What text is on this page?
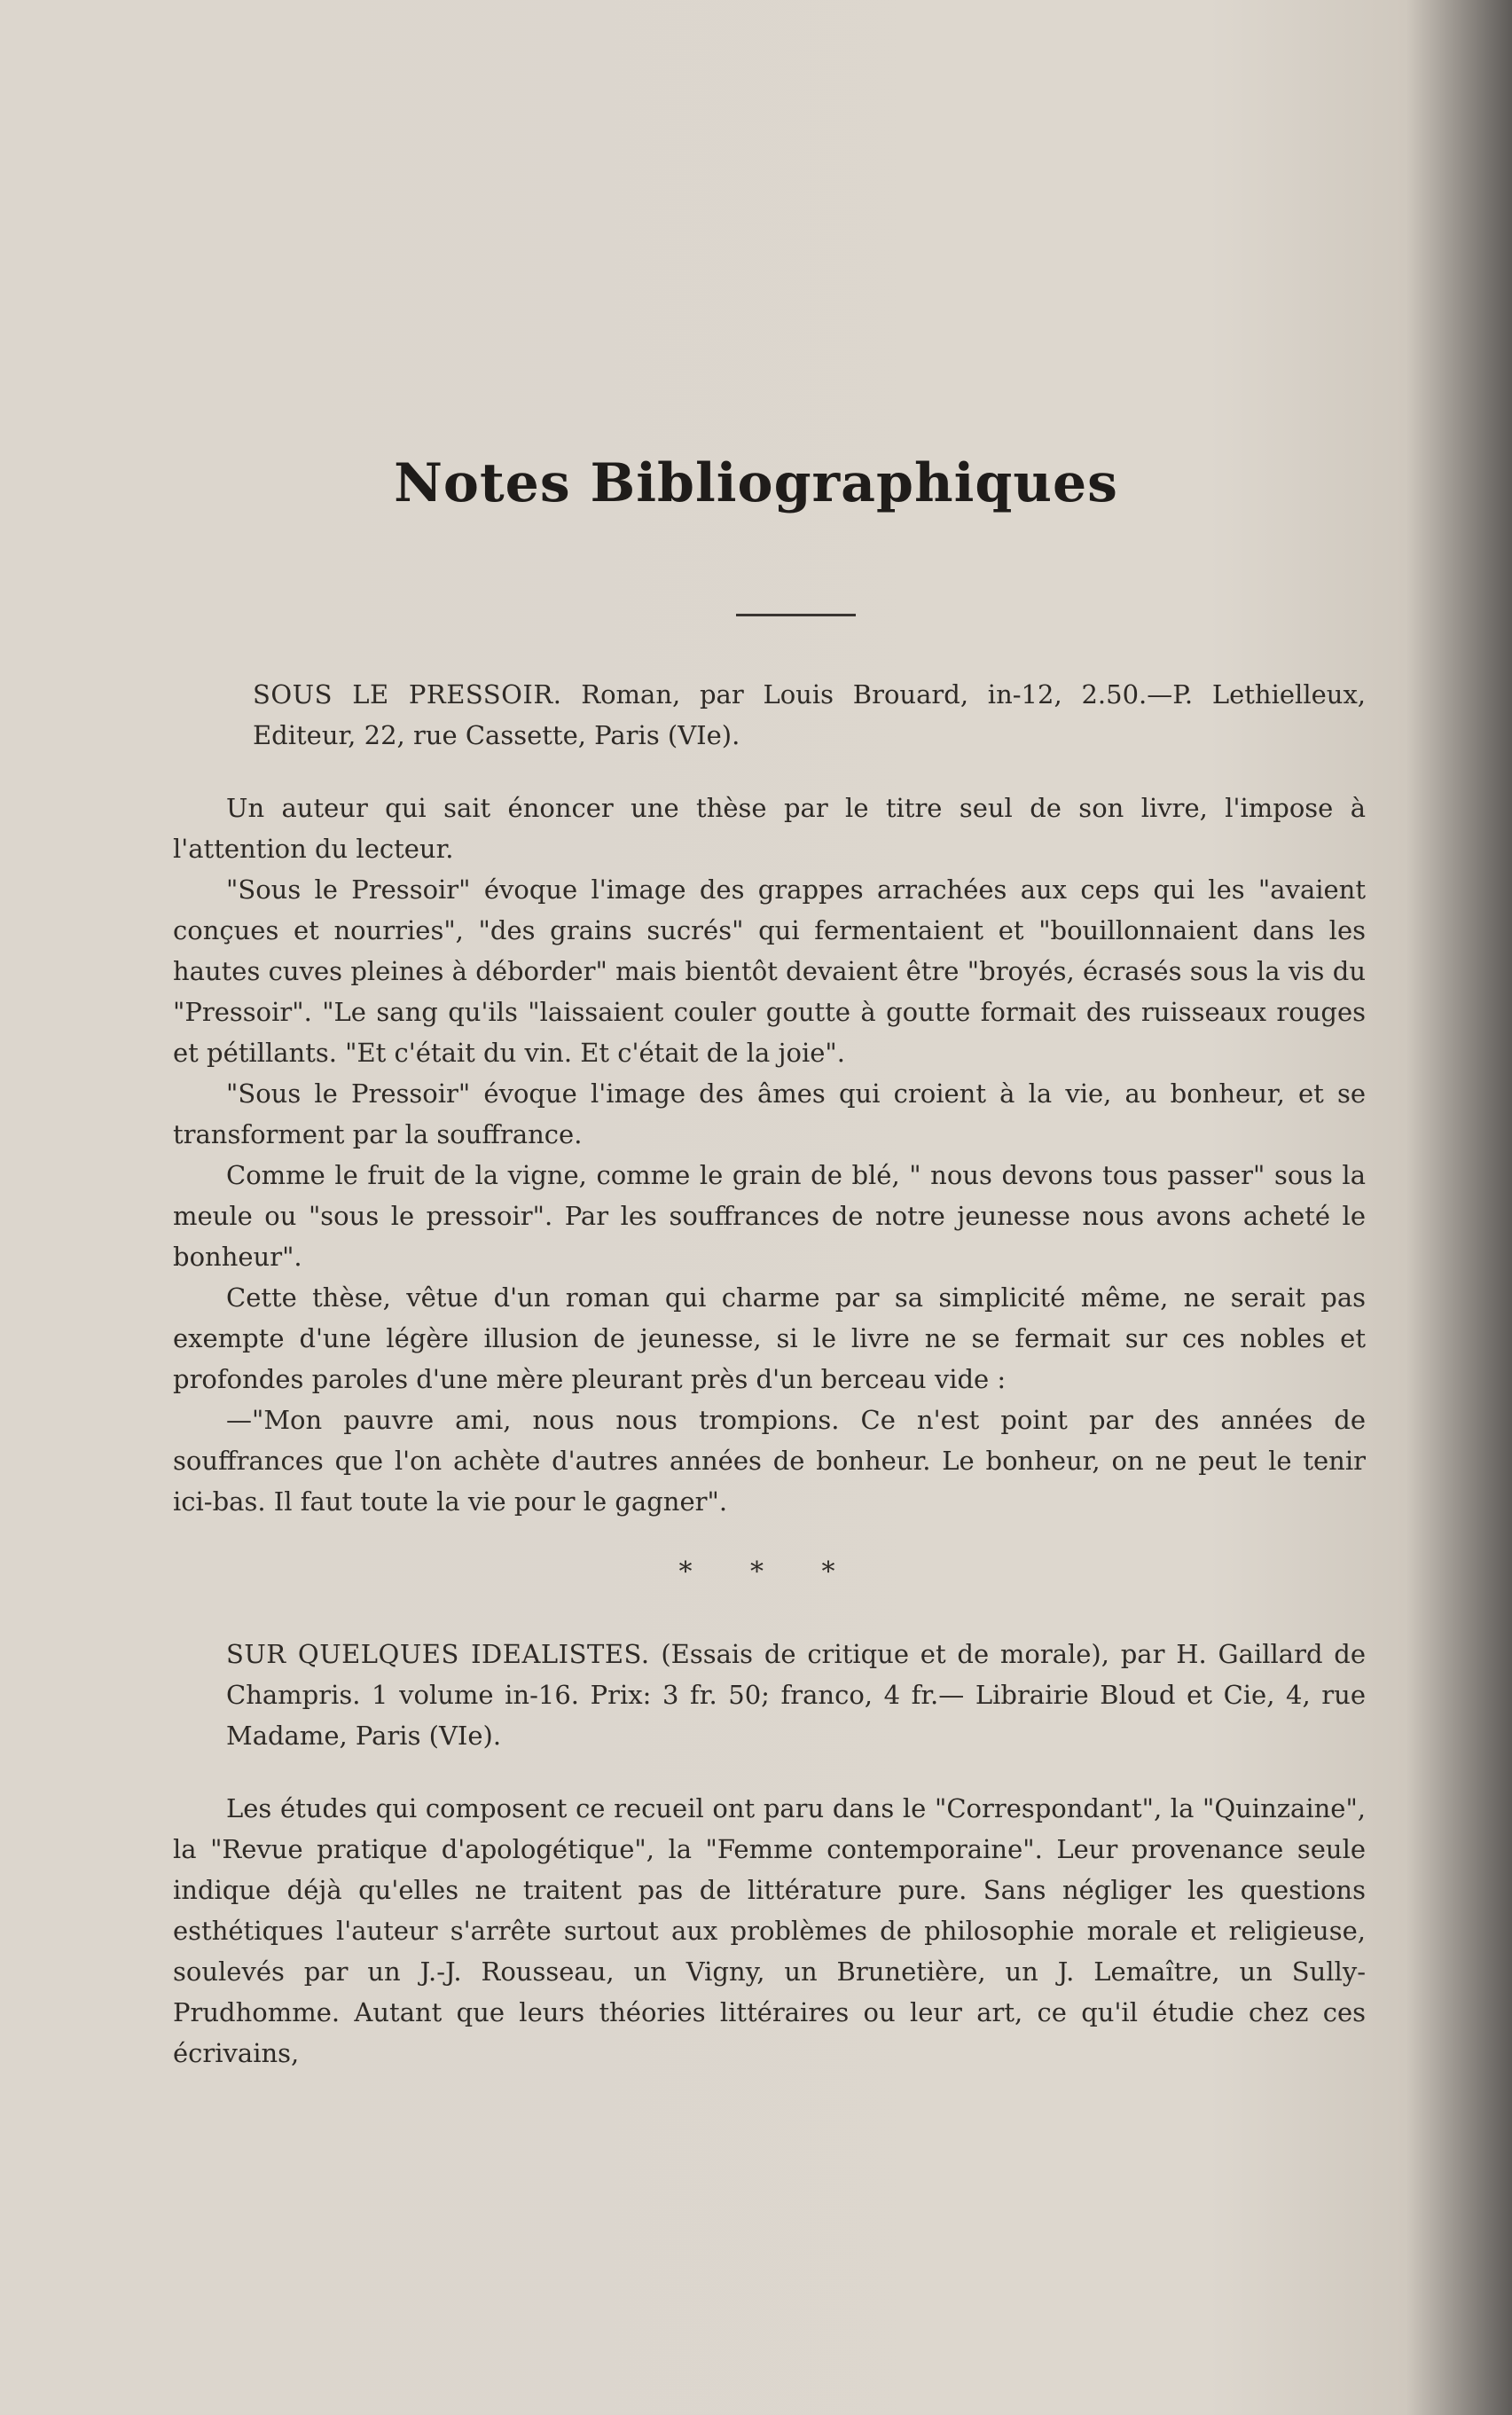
Notes Bibliographiques
SOUS LE PRESSOIR. Roman, par Louis Brouard, in-12, 2.50.—P. Lethielleux, Editeur, 22, rue Cassette, Paris (VIe).

Un auteur qui sait énoncer une thèse par le titre seul de son livre, l'impose à l'attention du lecteur.

"Sous le Pressoir" évoque l'image des grappes arrachées aux ceps qui les "avaient conçues et nourries", "des grains sucrés" qui fermentaient et "bouillonnaient dans les hautes cuves pleines à déborder" mais bientôt devaient être "broyés, écrasés sous la vis du "Pressoir". "Le sang qu'ils "laissaient couler goutte à goutte formait des ruisseaux rouges et pétillants. "Et c'était du vin. Et c'était de la joie".

"Sous le Pressoir" évoque l'image des âmes qui croient à la vie, au bonheur, et se transforment par la souffrance.

Comme le fruit de la vigne, comme le grain de blé, " nous devons tous passer" sous la meule ou "sous le pressoir". Par les souffrances de notre jeunesse nous avons acheté le bonheur".

Cette thèse, vêtue d'un roman qui charme par sa simplicité même, ne serait pas exempte d'une légère illusion de jeunesse, si le livre ne se fermait sur ces nobles et profondes paroles d'une mère pleurant près d'un berceau vide :

—"Mon pauvre ami, nous nous trompions. Ce n'est point par des années de souffrances que l'on achète d'autres années de bonheur. Le bonheur, on ne peut le tenir ici-bas. Il faut toute la vie pour le gagner".

* * *
SUR QUELQUES IDEALISTES. (Essais de critique et de morale), par H. Gaillard de Champris. 1 volume in-16. Prix: 3 fr. 50; franco, 4 fr.— Librairie Bloud et Cie, 4, rue Madame, Paris (VIe).

Les études qui composent ce recueil ont paru dans le "Correspondant", la "Quinzaine", la "Revue pratique d'apologétique", la "Femme contemporaine". Leur provenance seule indique déjà qu'elles ne traitent pas de littérature pure. Sans négliger les questions esthétiques l'auteur s'arrête surtout aux problèmes de philosophie morale et religieuse, soulevés par un J.-J. Rousseau, un Vigny, un Brunetière, un J. Lemaître, un Sully-Prudhomme. Autant que leurs théories littéraires ou leur art, ce qu'il étudie chez ces écrivains,
